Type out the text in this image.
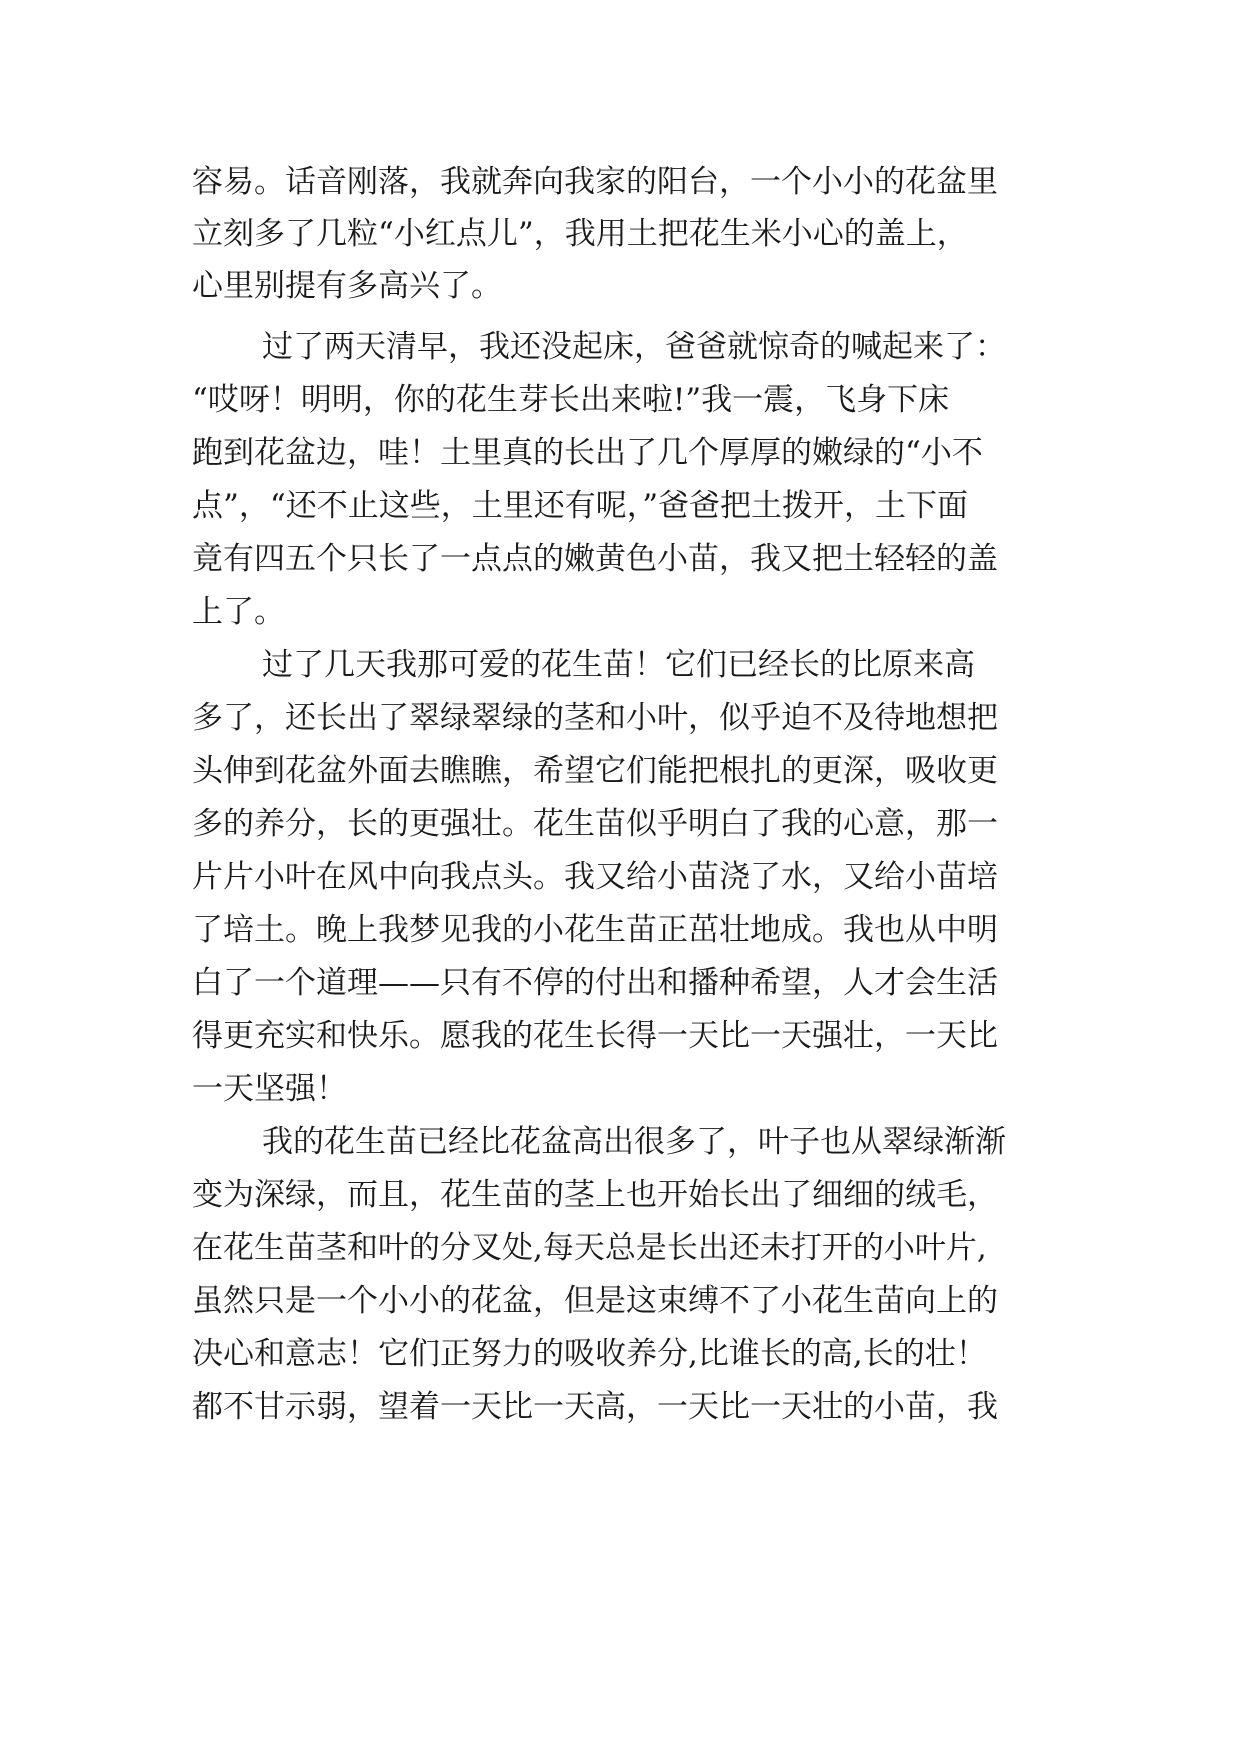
容易。话音刚落，我就奔向我家的阳台，一个小小的花盆里
立刻多了几粒“小红点儿”，我用土把花生米小心的盖上，
心里别提有多高兴了。
过了两天清早，我还没起床，爸爸就惊奇的喊起来了：
“哎呀！明明，你的花生芽长出来啦!”我一震，飞身下床
跑到花盆边，哇！土里真的长出了几个厚厚的嫩绿的“小不
点”，“还不止这些，土里还有呢，”爸爸把土拨开，土下面
竟有四五个只长了一点点的嫩黄色小苗，我又把土轻轻的盖
上了。
过了几天我那可爱的花生苗！它们已经长的比原来高
多了，还长出了翠绿翠绿的茎和小叶，似乎迫不及待地想把
头伸到花盆外面去瞧瞧，希望它们能把根扎的更深，吸收更
多的养分，长的更强壮。花生苗似乎明白了我的心意，那一
片片小叶在风中向我点头。我又给小苗浇了水，又给小苗培
了培土。晚上我梦见我的小花生苗正茁壮地成。我也从中明
白了一个道理——只有不停的付出和播种希望，人才会生活
得更充实和快乐。愿我的花生长得一天比一天强壮，一天比
一天坚强！
我的花生苗已经比花盆高出很多了，叶子也从翠绿渐渐
变为深绿，而且，花生苗的茎上也开始长出了细细的绒毛，
在花生苗茎和叶的分叉处,每天总是长出还未打开的小叶片,
虽然只是一个小小的花盆，但是这束缚不了小花生苗向上的
决心和意志！它们正努力的吸收养分,比谁长的高,长的壮！
都不甘示弱，望着一天比一天高，一天比一天壮的小苗，我
